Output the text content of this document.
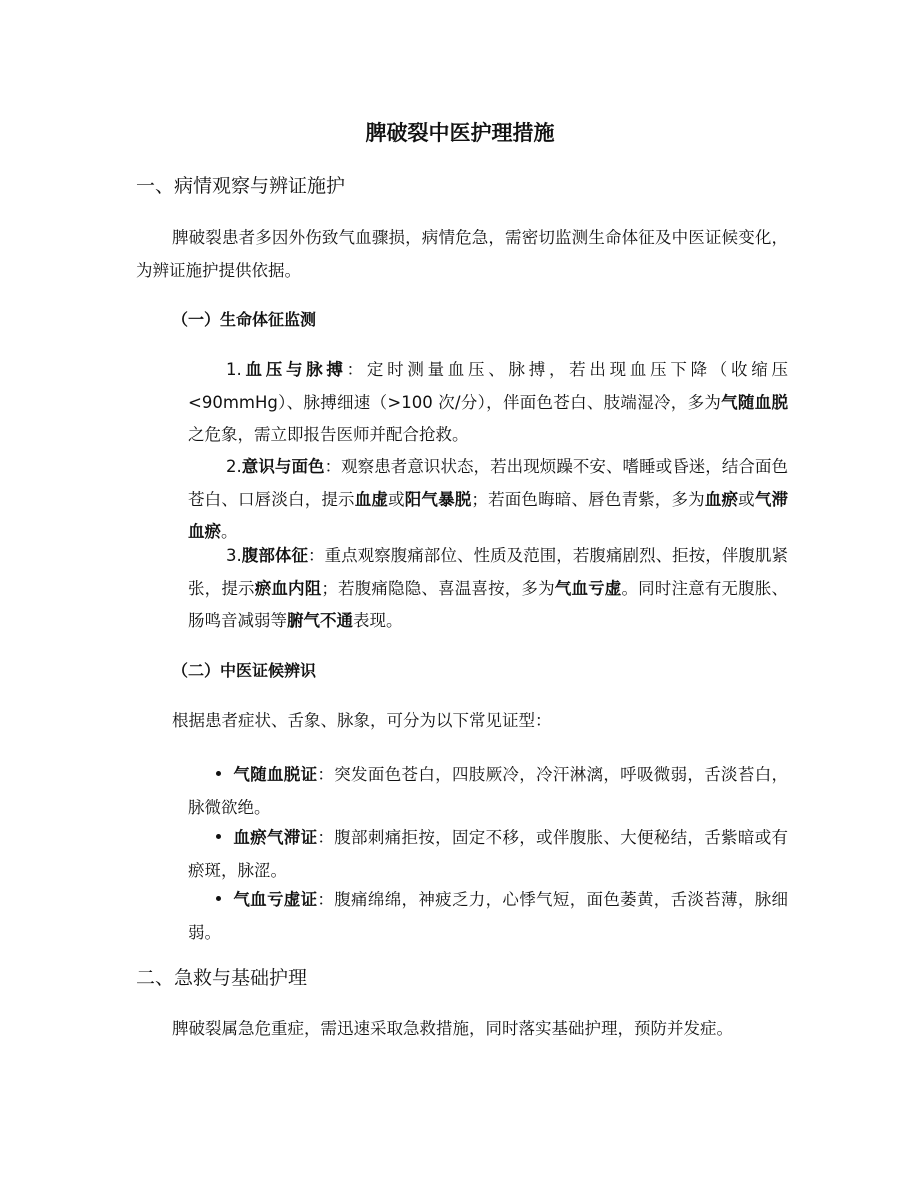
脾破裂中医护理措施
一、病情观察与辨证施护

脾破裂患者多因外伤致气血骤损，病情危急，需密切监测生命体征及中医证候变化，为辨证施护提供依据。

（一）生命体征监测

1.血压与脉搏：定时测量血压、脉搏，若出现血压下降（收缩压<90mmHg）、脉搏细速（>100 次/分），伴面色苍白、肢端湿冷，多为气随血脱之危象，需立即报告医师并配合抢救。

2.意识与面色：观察患者意识状态，若出现烦躁不安、嗜睡或昏迷，结合面色苍白、口唇淡白，提示血虚或阳气暴脱；若面色晦暗、唇色青紫，多为血瘀或气滞血瘀。

3.腹部体征：重点观察腹痛部位、性质及范围，若腹痛剧烈、拒按，伴腹肌紧张，提示瘀血内阻；若腹痛隐隐、喜温喜按，多为气血亏虚。同时注意有无腹胀、肠鸣音减弱等腑气不通表现。

（二）中医证候辨识

根据患者症状、舌象、脉象，可分为以下常见证型：

气随血脱证：突发面色苍白，四肢厥冷，冷汗淋漓，呼吸微弱，舌淡苔白，脉微欲绝。

血瘀气滞证：腹部刺痛拒按，固定不移，或伴腹胀、大便秘结，舌紫暗或有瘀斑，脉涩。

气血亏虚证：腹痛绵绵，神疲乏力，心悸气短，面色萎黄，舌淡苔薄，脉细弱。

二、急救与基础护理

脾破裂属急危重症，需迅速采取急救措施，同时落实基础护理，预防并发症。
